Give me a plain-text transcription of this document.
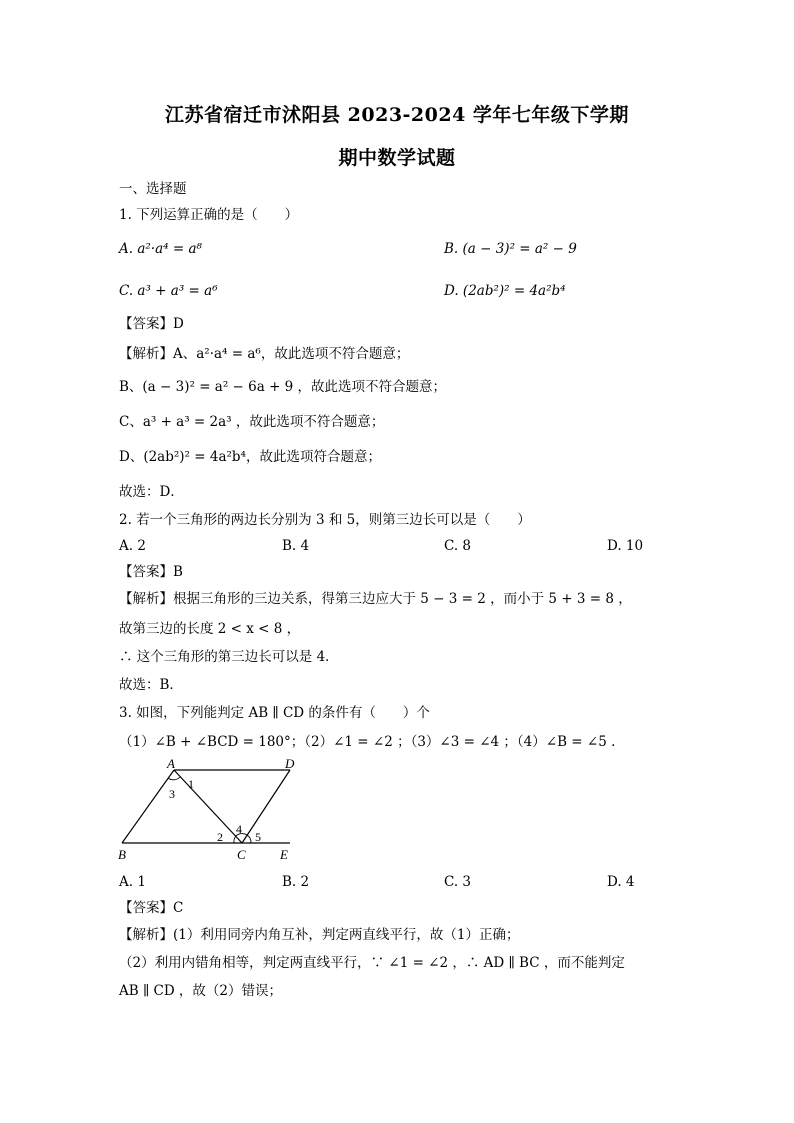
江苏省宿迁市沭阳县 2023-2024 学年七年级下学期
期中数学试题
一、选择题
1. 下列运算正确的是（　　）
A. a²·a⁴ = a⁸	B. (a − 3)² = a² − 9
C. a³ + a³ = a⁶	D. (2ab²)² = 4a²b⁴
【答案】D
【解析】A、a²·a⁴ = a⁶，故此选项不符合题意；
B、(a − 3)² = a² − 6a + 9 ，故此选项不符合题意；
C、a³ + a³ = 2a³ ，故此选项不符合题意；
D、(2ab²)² = 4a²b⁴，故此选项符合题意；
故选：D．
2. 若一个三角形的两边长分别为 3 和 5，则第三边长可以是（　　）
A. 2	B. 4	C. 8	D. 10
【答案】B
【解析】根据三角形的三边关系，得第三边应大于 5 − 3 = 2 ，而小于 5 + 3 = 8 ，
故第三边的长度 2 < x < 8 ，
∴ 这个三角形的第三边长可以是 4．
故选：B．
3. 如图，下列能判定 AB ∥ CD 的条件有（　　）个
（1）∠B + ∠BCD = 180°；（2）∠1 = ∠2 ；（3）∠3 = ∠4 ；（4）∠B = ∠5 .
A	D
B	C	E
1
3
2
4
5
A. 1	B. 2	C. 3	D. 4
【答案】C
【解析】(1）利用同旁内角互补，判定两直线平行，故（1）正确；
（2）利用内错角相等，判定两直线平行，∵ ∠1 = ∠2 ，∴ AD ∥ BC ，而不能判定
AB ∥ CD ，故（2）错误；
